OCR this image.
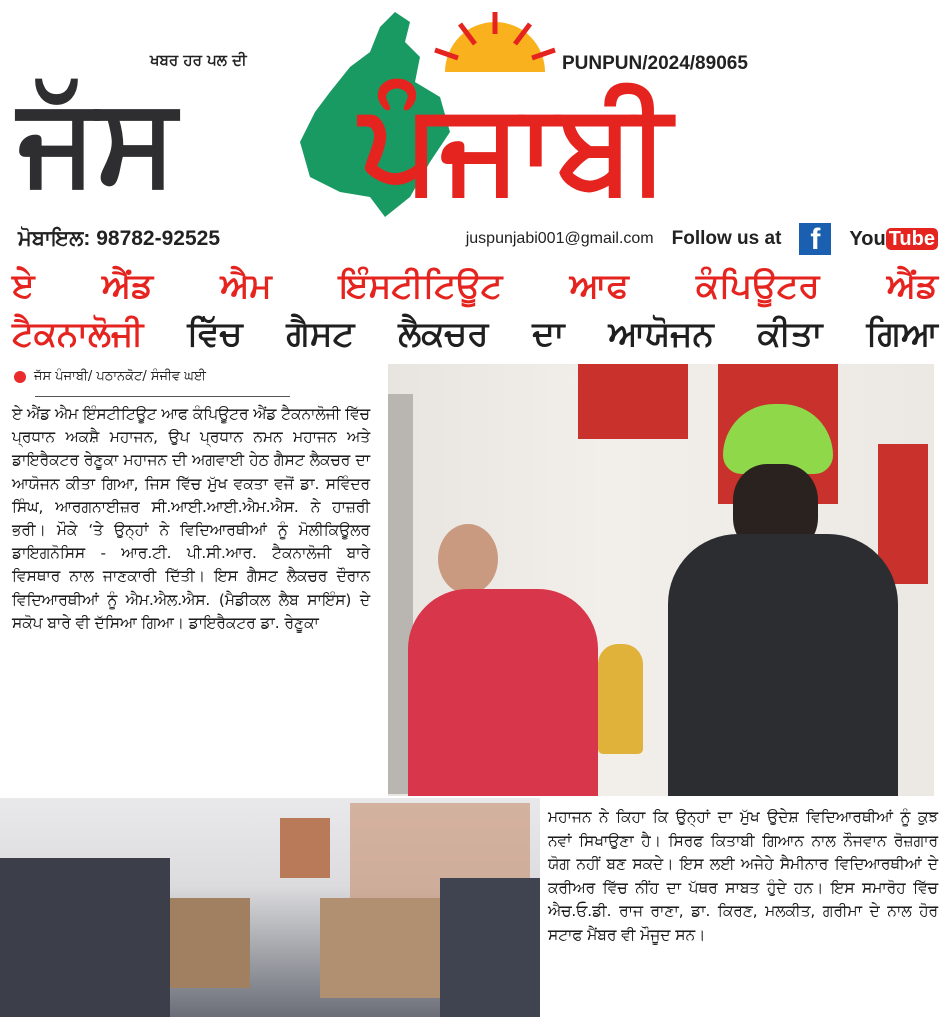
ਖਬਰ ਹਰ ਪਲ ਦੀ	PUNPUN/2024/89065
ਜੱਸ ਪੰਜਾਬੀ
ਮੋਬਾਇਲ: 98782-92525	juspunjabi001@gmail.com Follow us at f	You Tube
ਏ ਐਂਡ ਐਮ ਇੰਸਟੀਟਿਊਟ ਆਫ ਕੰਪਿਊਟਰ ਐਂਡ
ਟੈਕਨਾਲੋਜੀ ਵਿੱਚ ਗੈਸਟ ਲੈਕਚਰ ਦਾ ਆਯੋਜਨ ਕੀਤਾ ਗਿਆ
ਜੱਸ ਪੰਜਾਬੀ/ ਪਠਾਨਕੋਟ/ ਸੰਜੀਵ ਘਈ
ਏ ਐਂਡ ਐਮ ਇੰਸਟੀਟਿਊਟ ਆਫ ਕੰਪਿਊਟਰ ਐਂਡ ਟੈਕਨਾਲੋਜੀ ਵਿੱਚ ਪ੍ਰਧਾਨ ਅਕਸ਼ੈ ਮਹਾਜਨ, ਉਪ ਪ੍ਰਧਾਨ ਨਮਨ ਮਹਾਜਨ ਅਤੇ ਡਾਇਰੈਕਟਰ ਰੇਣੂਕਾ ਮਹਾਜਨ ਦੀ ਅਗਵਾਈ ਹੇਠ ਗੈਸਟ ਲੈਕਚਰ ਦਾ ਆਯੋਜਨ ਕੀਤਾ ਗਿਆ, ਜਿਸ ਵਿੱਚ ਮੁੱਖ ਵਕਤਾ ਵਜੋਂ ਡਾ. ਸਵਿੰਦਰ ਸਿੰਘ, ਆਰਗਨਾਈਜ਼ਰ ਸੀ.ਆਈ.ਆਈ.ਐਮ.ਐਸ. ਨੇ ਹਾਜ਼ਰੀ ਭਰੀ। ਮੌਕੇ ‘ਤੇ ਉਨ੍ਹਾਂ ਨੇ ਵਿਦਿਆਰਥੀਆਂ ਨੂੰ ਮੋਲੀਕਿਊਲਰ ਡਾਇਗਨੋਸਿਸ - ਆਰ.ਟੀ. ਪੀ.ਸੀ.ਆਰ. ਟੈਕਨਾਲੋਜੀ ਬਾਰੇ ਵਿਸਥਾਰ ਨਾਲ ਜਾਣਕਾਰੀ ਦਿੱਤੀ। ਇਸ ਗੈਸਟ ਲੈਕਚਰ ਦੌਰਾਨ ਵਿਦਿਆਰਥੀਆਂ ਨੂੰ ਐਮ.ਐਲ.ਐਸ. (ਮੈਡੀਕਲ ਲੈਬ ਸਾਇੰਸ) ਦੇ ਸਕੋਪ ਬਾਰੇ ਵੀ ਦੱਸਿਆ ਗਿਆ। ਡਾਇਰੈਕਟਰ ਡਾ. ਰੇਣੂਕਾ
ਮਹਾਜਨ ਨੇ ਕਿਹਾ ਕਿ ਉਨ੍ਹਾਂ ਦਾ ਮੁੱਖ ਉਦੇਸ਼ ਵਿਦਿਆਰਥੀਆਂ ਨੂੰ ਕੁਝ ਨਵਾਂ ਸਿਖਾਉਣਾ ਹੈ। ਸਿਰਫ ਕਿਤਾਬੀ ਗਿਆਨ ਨਾਲ ਨੌਜਵਾਨ ਰੋਜ਼ਗਾਰ ਯੋਗ ਨਹੀਂ ਬਣ ਸਕਦੇ। ਇਸ ਲਈ ਅਜੇਹੇ ਸੈਮੀਨਾਰ ਵਿਦਿਆਰਥੀਆਂ ਦੇ ਕਰੀਅਰ ਵਿੱਚ ਨੀਂਹ ਦਾ ਪੱਥਰ ਸਾਬਤ ਹੁੰਦੇ ਹਨ। ਇਸ ਸਮਾਰੋਹ ਵਿੱਚ ਐਚ.ਓ.ਡੀ. ਰਾਜ ਰਾਣਾ, ਡਾ. ਕਿਰਣ, ਮਲਕੀਤ, ਗਰੀਮਾ ਦੇ ਨਾਲ ਹੋਰ ਸਟਾਫ ਮੈਂਬਰ ਵੀ ਮੌਜੂਦ ਸਨ।
